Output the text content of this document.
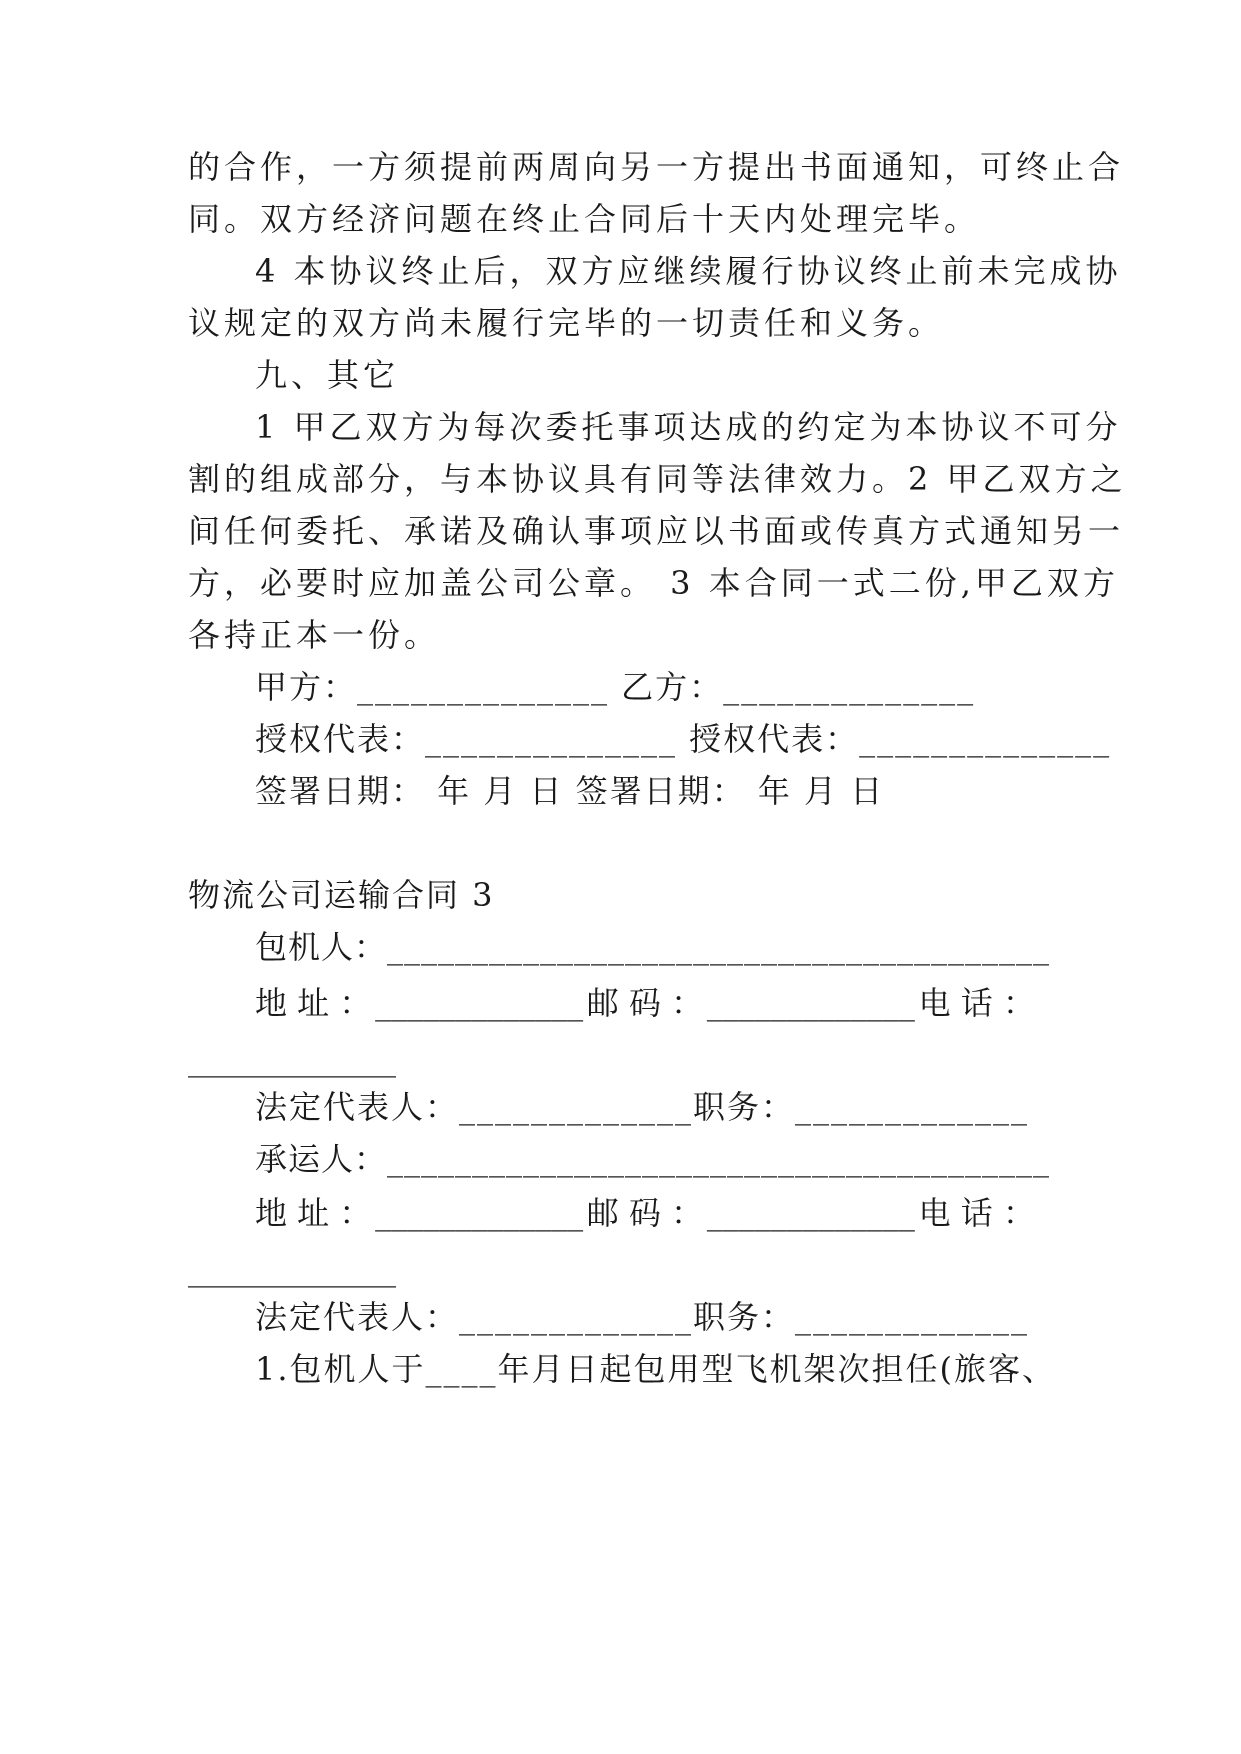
的合作，一方须提前两周向另一方提出书面通知，可终止合
同。双方经济问题在终止合同后十天内处理完毕。
4 本协议终止后，双方应继续履行协议终止前未完成协
议规定的双方尚未履行完毕的一切责任和义务。
九、其它
1 甲乙双方为每次委托事项达成的约定为本协议不可分
割的组成部分，与本协议具有同等法律效力。2 甲乙双方之
间任何委托、承诺及确认事项应以书面或传真方式通知另一
方，必要时应加盖公司公章。 3 本合同一式二份,甲乙双方
各持正本一份。
甲方：______________ 乙方：______________
授权代表：______________ 授权代表：______________
签署日期： 年 月 日 签署日期： 年 月 日
物流公司运输合同 3
包机人：_______________________________________
地 址 ： _____________ 邮 码 ： _____________ 电 话 ：
_____________
法定代表人：_____________职务：_____________
承运人：_______________________________________
地 址 ： _____________ 邮 码 ： _____________ 电 话 ：
_____________
法定代表人：_____________职务：_____________
1.包机人于____年月日起包用型飞机架次担任(旅客、
